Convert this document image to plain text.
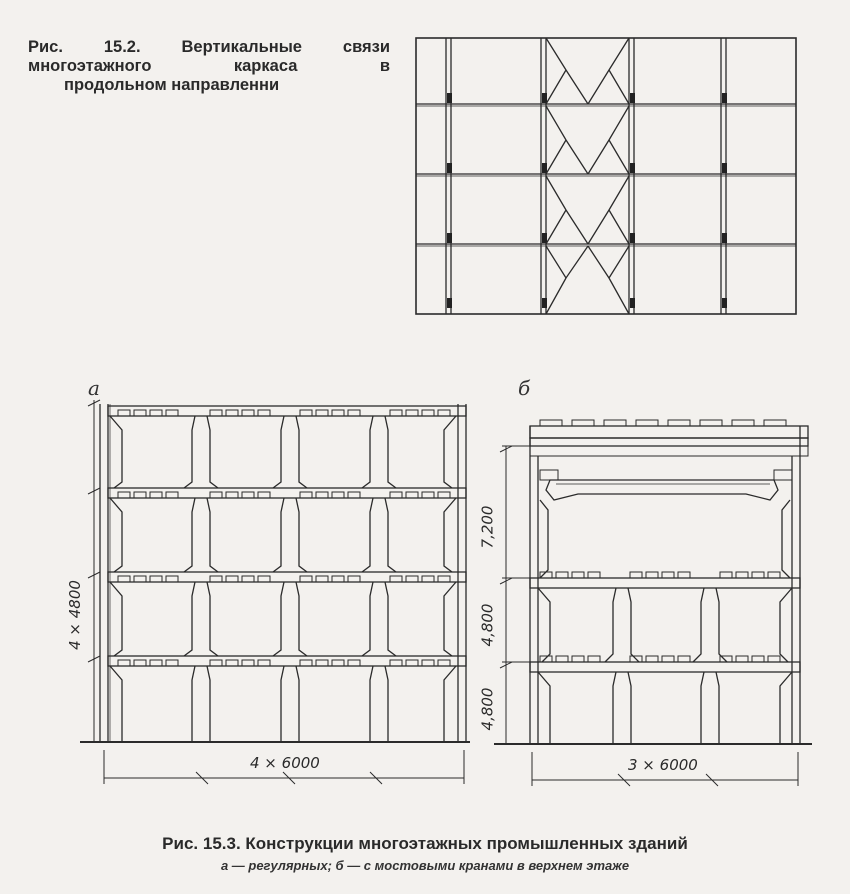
Рис. 15.2. Вертикальные связи
многоэтажного каркаса в
продольном направленни
а	б
4 × 4800
4 × 6000
7,200
4,800
4,800
3 × 6000
Рис. 15.3. Конструкции многоэтажных промышленных зданий
а — регулярных; б — с мостовыми кранами в верхнем этаже
